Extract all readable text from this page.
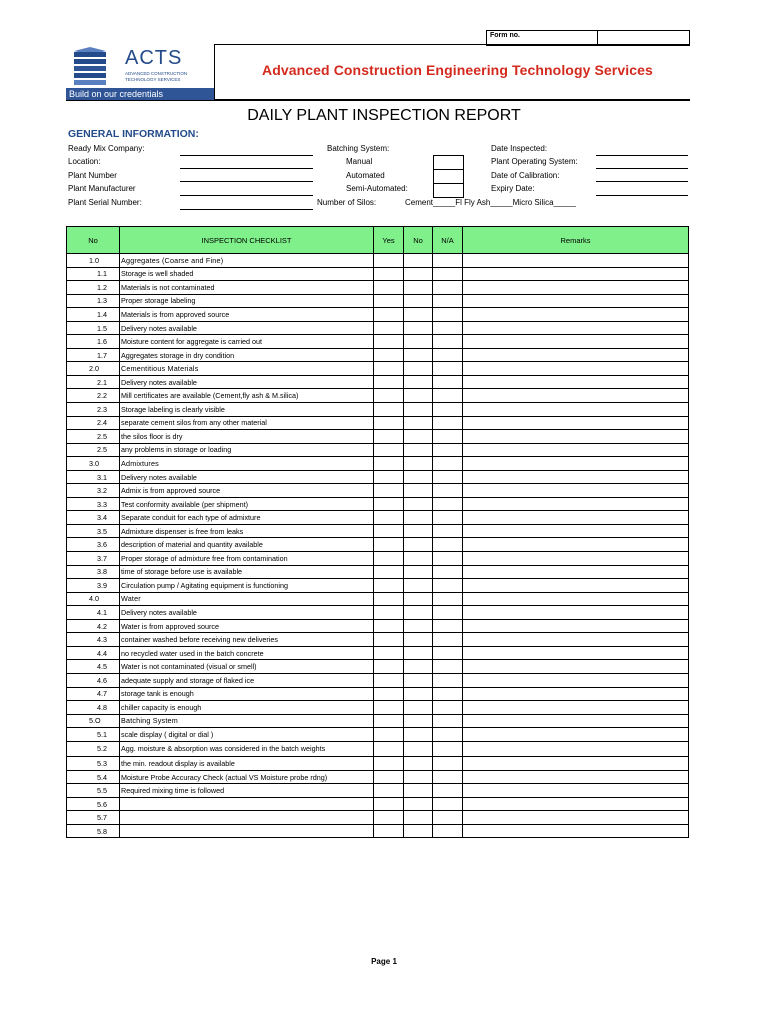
Form no.
ACTS
ADVANCED CONSTRUCTION
TECHNOLOGY SERVICES
Build on our credentials
Advanced Construction Engineering Technology Services
DAILY PLANT INSPECTION REPORT
GENERAL INFORMATION:
Ready Mix Company:
Location:
Plant Number
Plant Manufacturer
Plant Serial Number:
Batching System:
Manual
Automated
Semi-Automated:
Number of Silos:	Cement_____Fl Fly Ash_____Micro Silica_____
Date Inspected:
Plant Operating System:
Date of Calibration:
Expiry Date:
No	INSPECTION CHECKLIST	Yes	No	N/A	Remarks
1.0	Aggregates (Coarse and Fine)				
1.1	Storage is well shaded				
1.2	Materials is not contaminated				
1.3	Proper storage labeling				
1.4	Materials is from approved source				
1.5	Delivery notes available				
1.6	Moisture content for aggregate is carried out				
1.7	Aggregates storage in dry condition				
2.0	Cementitious Materials				
2.1	Delivery notes available				
2.2	Mill certificates are available (Cement,fly ash & M.silica)				
2.3	Storage labeling is clearly visible				
2.4	separate cement silos from any other material				
2.5	the silos floor is dry				
2.5	any problems in storage or loading				
3.0	Admixtures				
3.1	Delivery notes available				
3.2	Admix is from approved source				
3.3	Test conformity available (per shipment)				
3.4	Separate conduit for each type of admixture				
3.5	Admixture dispenser is free from leaks				
3.6	description of material and quantity available				
3.7	Proper storage of admixture free from contamination				
3.8	time of storage before use is available				
3.9	Circulation pump / Agitating equipment is functioning				
4.0	Water				
4.1	Delivery notes available				
4.2	Water is from approved source				
4.3	container washed before receiving new deliveries				
4.4	no recycled water used in the batch concrete				
4.5	Water is not contaminated (visual or smell)				
4.6	adequate supply and storage of flaked ice				
4.7	storage tank is enough				
4.8	chiller capacity is enough				
5.O	Batching System				
5.1	scale display ( digital or dial )				
5.2	Agg. moisture & absorption was considered in the batch weights				
5.3	the min. readout display is available				
5.4	Moisture Probe Accuracy Check (actual VS Moisture probe rdng)				
5.5	Required mixing time is followed				
5.6					
5.7					
5.8					
Page 1
